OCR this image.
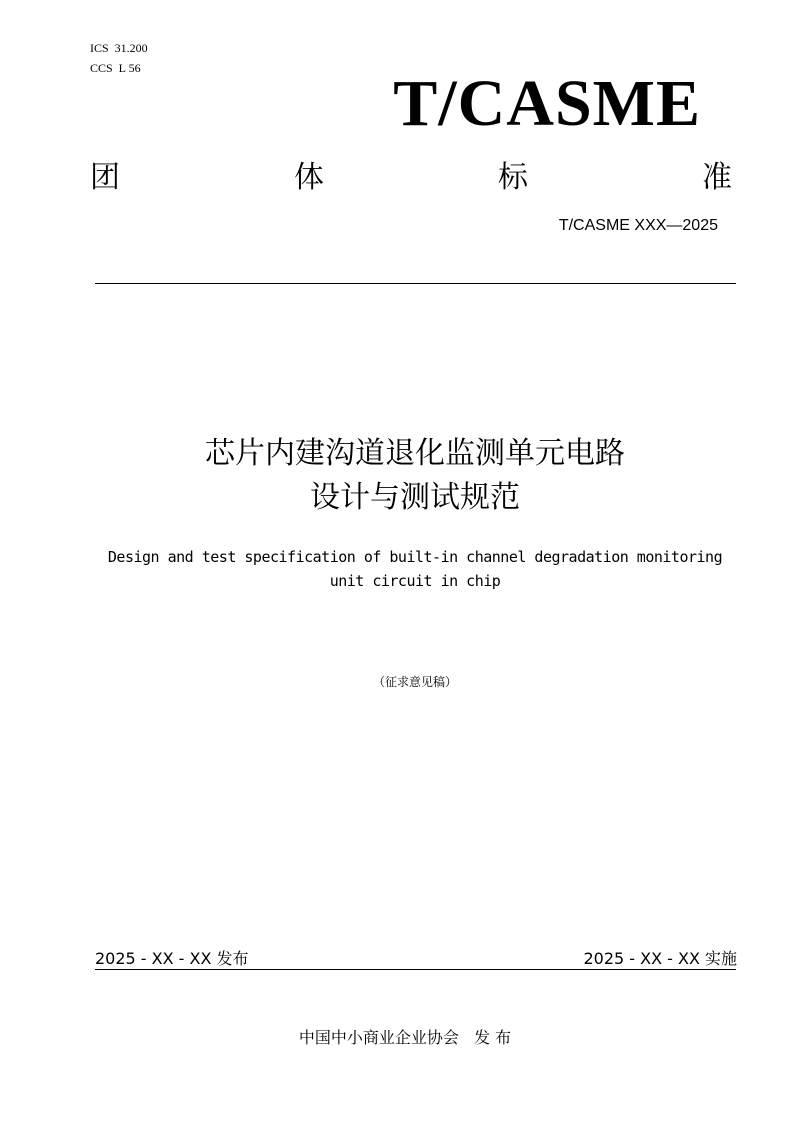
ICS  31.200
CCS  L 56	T/CASME
团	体	标	准
T/CASME XXX—2025
芯片内建沟道退化监测单元电路
设计与测试规范
Design and test specification of built-in channel degradation monitoring
unit circuit in chip
（征求意见稿）
2025 - XX - XX 发布	2025 - XX - XX 实施
中国中小商业企业协会   发 布
